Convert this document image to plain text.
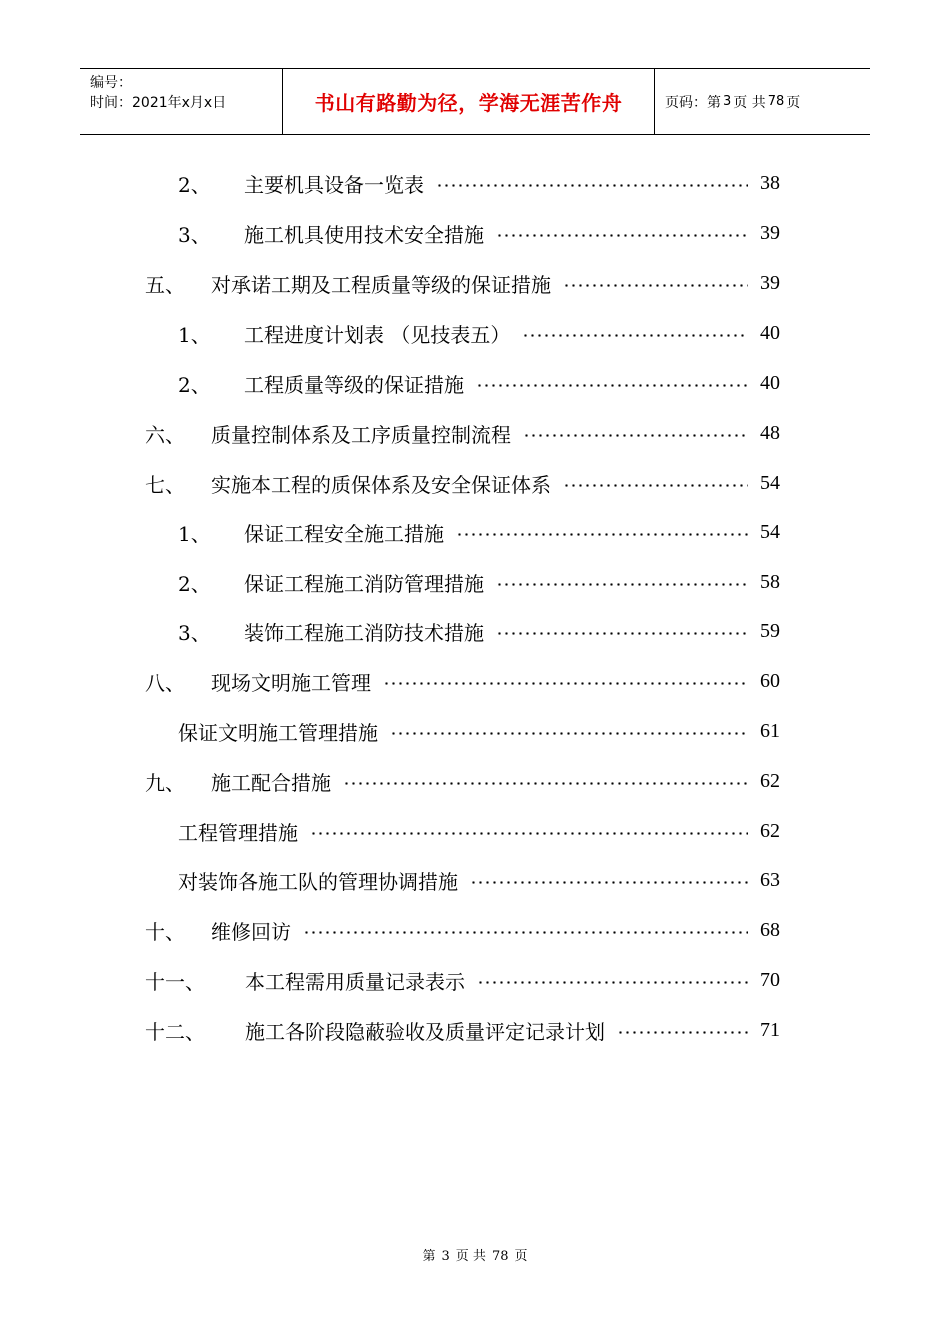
编号：
时间：2021年x月x日	书山有路勤为径，学海无涯苦作舟	页码：第 3 页 共 78 页
2、	主要机具设备一览表	38
3、	施工机具使用技术安全措施	39
五、	对承诺工期及工程质量等级的保证措施	39
1、	工程进度计划表 （见技表五）	40
2、	工程质量等级的保证措施	40
六、	质量控制体系及工序质量控制流程	48
七、	实施本工程的质保体系及安全保证体系	54
1、	保证工程安全施工措施	54
2、	保证工程施工消防管理措施	58
3、	装饰工程施工消防技术措施	59
八、	现场文明施工管理	60
保证文明施工管理措施	61
九、	施工配合措施	62
工程管理措施	62
对装饰各施工队的管理协调措施	63
十、	维修回访	68
十一、	本工程需用质量记录表示	70
十二、	施工各阶段隐蔽验收及质量评定记录计划	71
第 3 页 共 78 页
